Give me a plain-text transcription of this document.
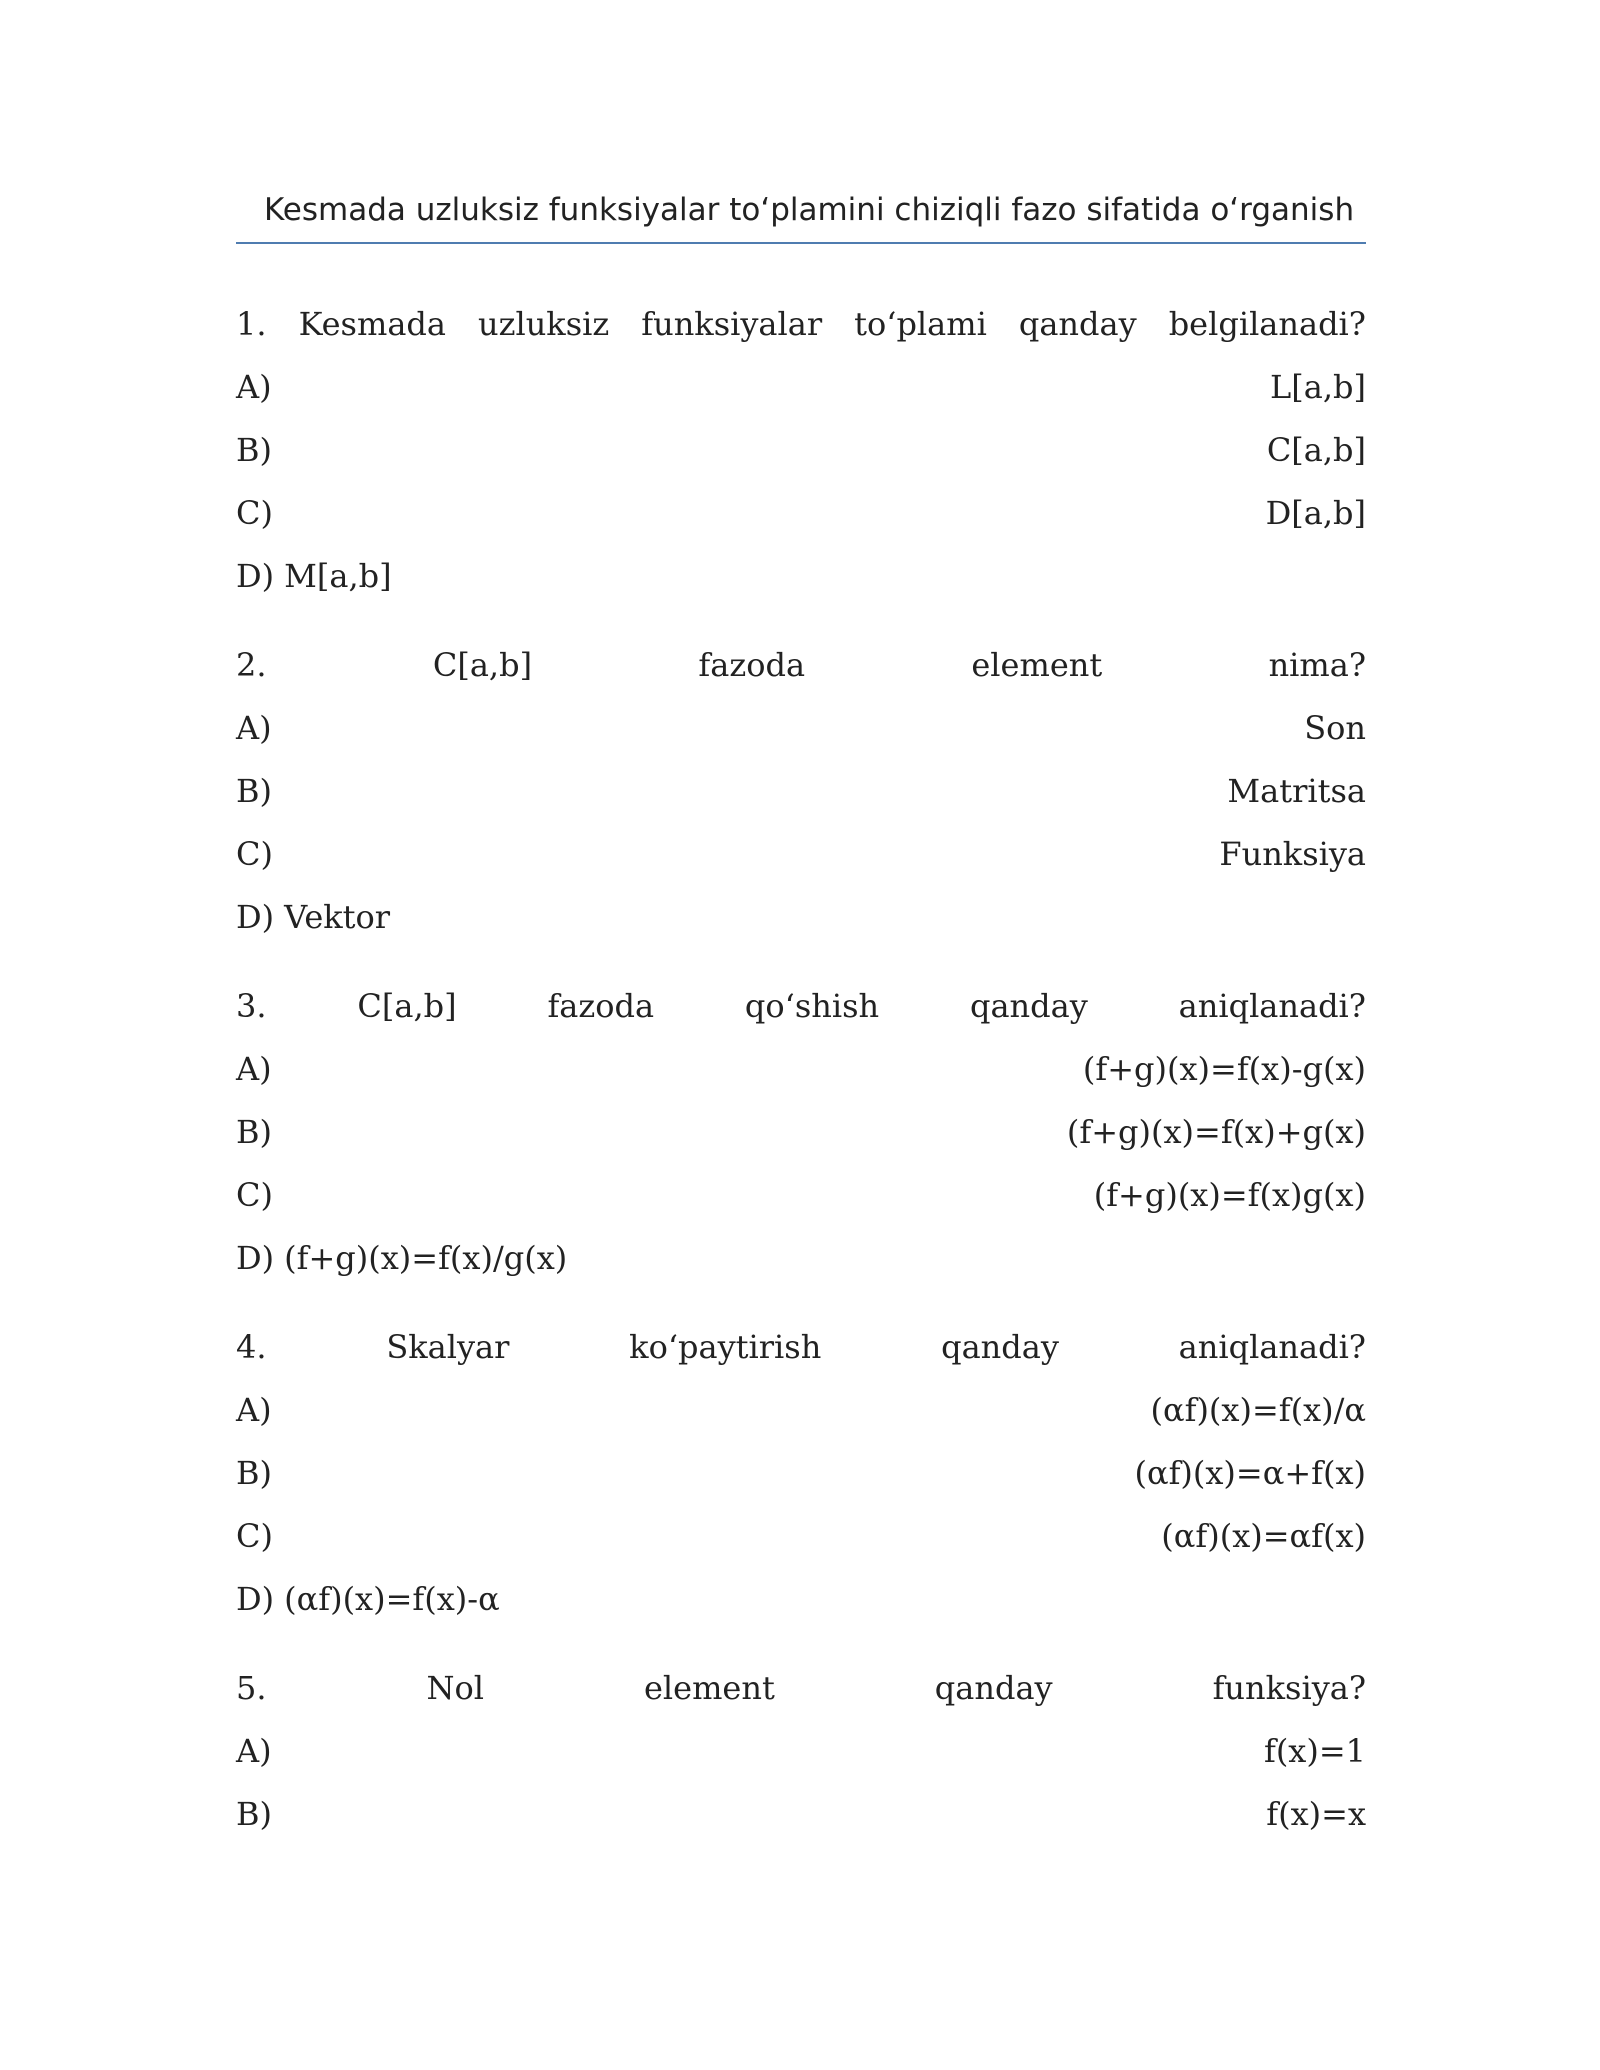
Kesmada uzluksiz funksiyalar to‘plamini chiziqli fazo sifatida o‘rganish
1. Kesmada uzluksiz funksiyalar to‘plami qanday belgilanadi?
A)	L[a,b]
B)	C[a,b]
C)	D[a,b]
D) M[a,b]
2.	C[a,b]	fazoda	element	nima?
A)	Son
B)	Matritsa
C)	Funksiya
D) Vektor
3.	C[a,b]	fazoda	qo‘shish	qanday	aniqlanadi?
A)	(f+g)(x)=f(x)-g(x)
B)	(f+g)(x)=f(x)+g(x)
C)	(f+g)(x)=f(x)g(x)
D) (f+g)(x)=f(x)/g(x)
4.	Skalyar	ko‘paytirish	qanday	aniqlanadi?
A)	(αf)(x)=f(x)/α
B)	(αf)(x)=α+f(x)
C)	(αf)(x)=αf(x)
D) (αf)(x)=f(x)-α
5.	Nol	element	qanday	funksiya?
A)	f(x)=1
B)	f(x)=x
